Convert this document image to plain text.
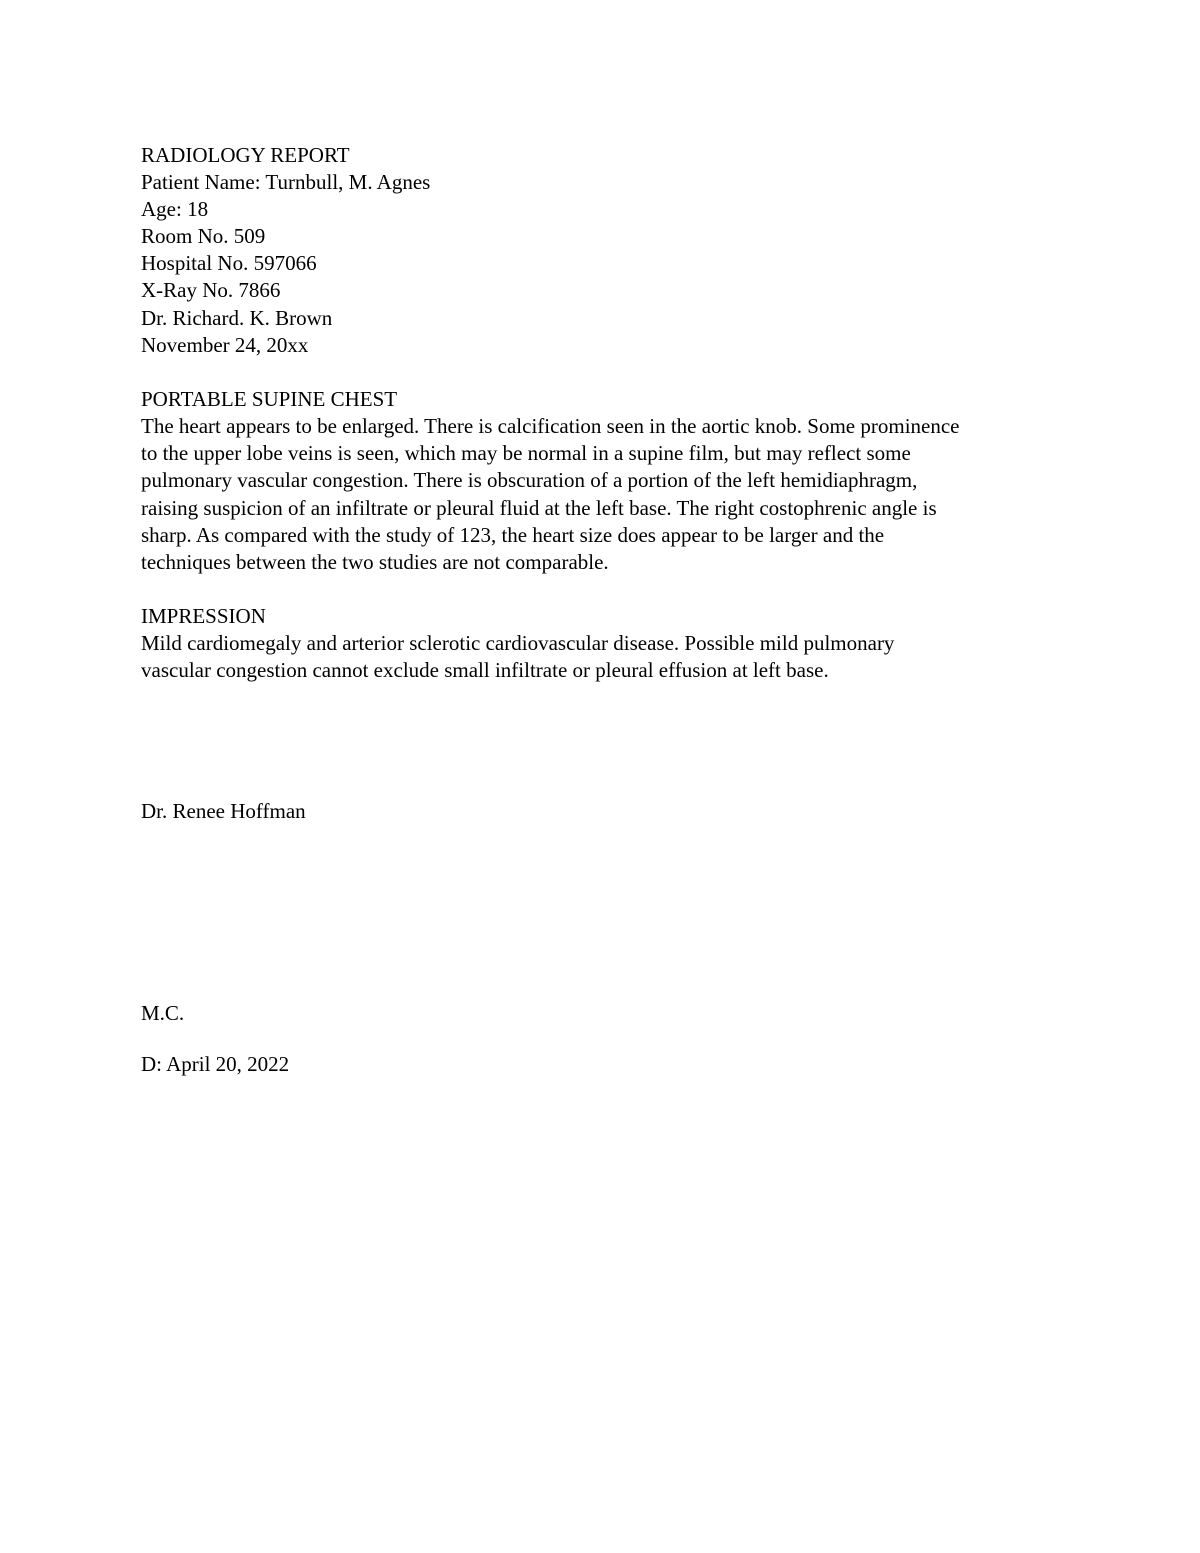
RADIOLOGY REPORT
Patient Name: Turnbull, M. Agnes
Age: 18
Room No. 509
Hospital No. 597066
X-Ray No. 7866
Dr. Richard. K. Brown
November 24, 20xx
PORTABLE SUPINE CHEST
The heart appears to be enlarged. There is calcification seen in the aortic knob. Some prominence
to the upper lobe veins is seen, which may be normal in a supine film, but may reflect some
pulmonary vascular congestion. There is obscuration of a portion of the left hemidiaphragm,
raising suspicion of an infiltrate or pleural fluid at the left base. The right costophrenic angle is
sharp. As compared with the study of 123, the heart size does appear to be larger and the
techniques between the two studies are not comparable.
IMPRESSION
Mild cardiomegaly and arterior sclerotic cardiovascular disease. Possible mild pulmonary
vascular congestion cannot exclude small infiltrate or pleural effusion at left base.
Dr. Renee Hoffman
M.C.
D: April 20, 2022
